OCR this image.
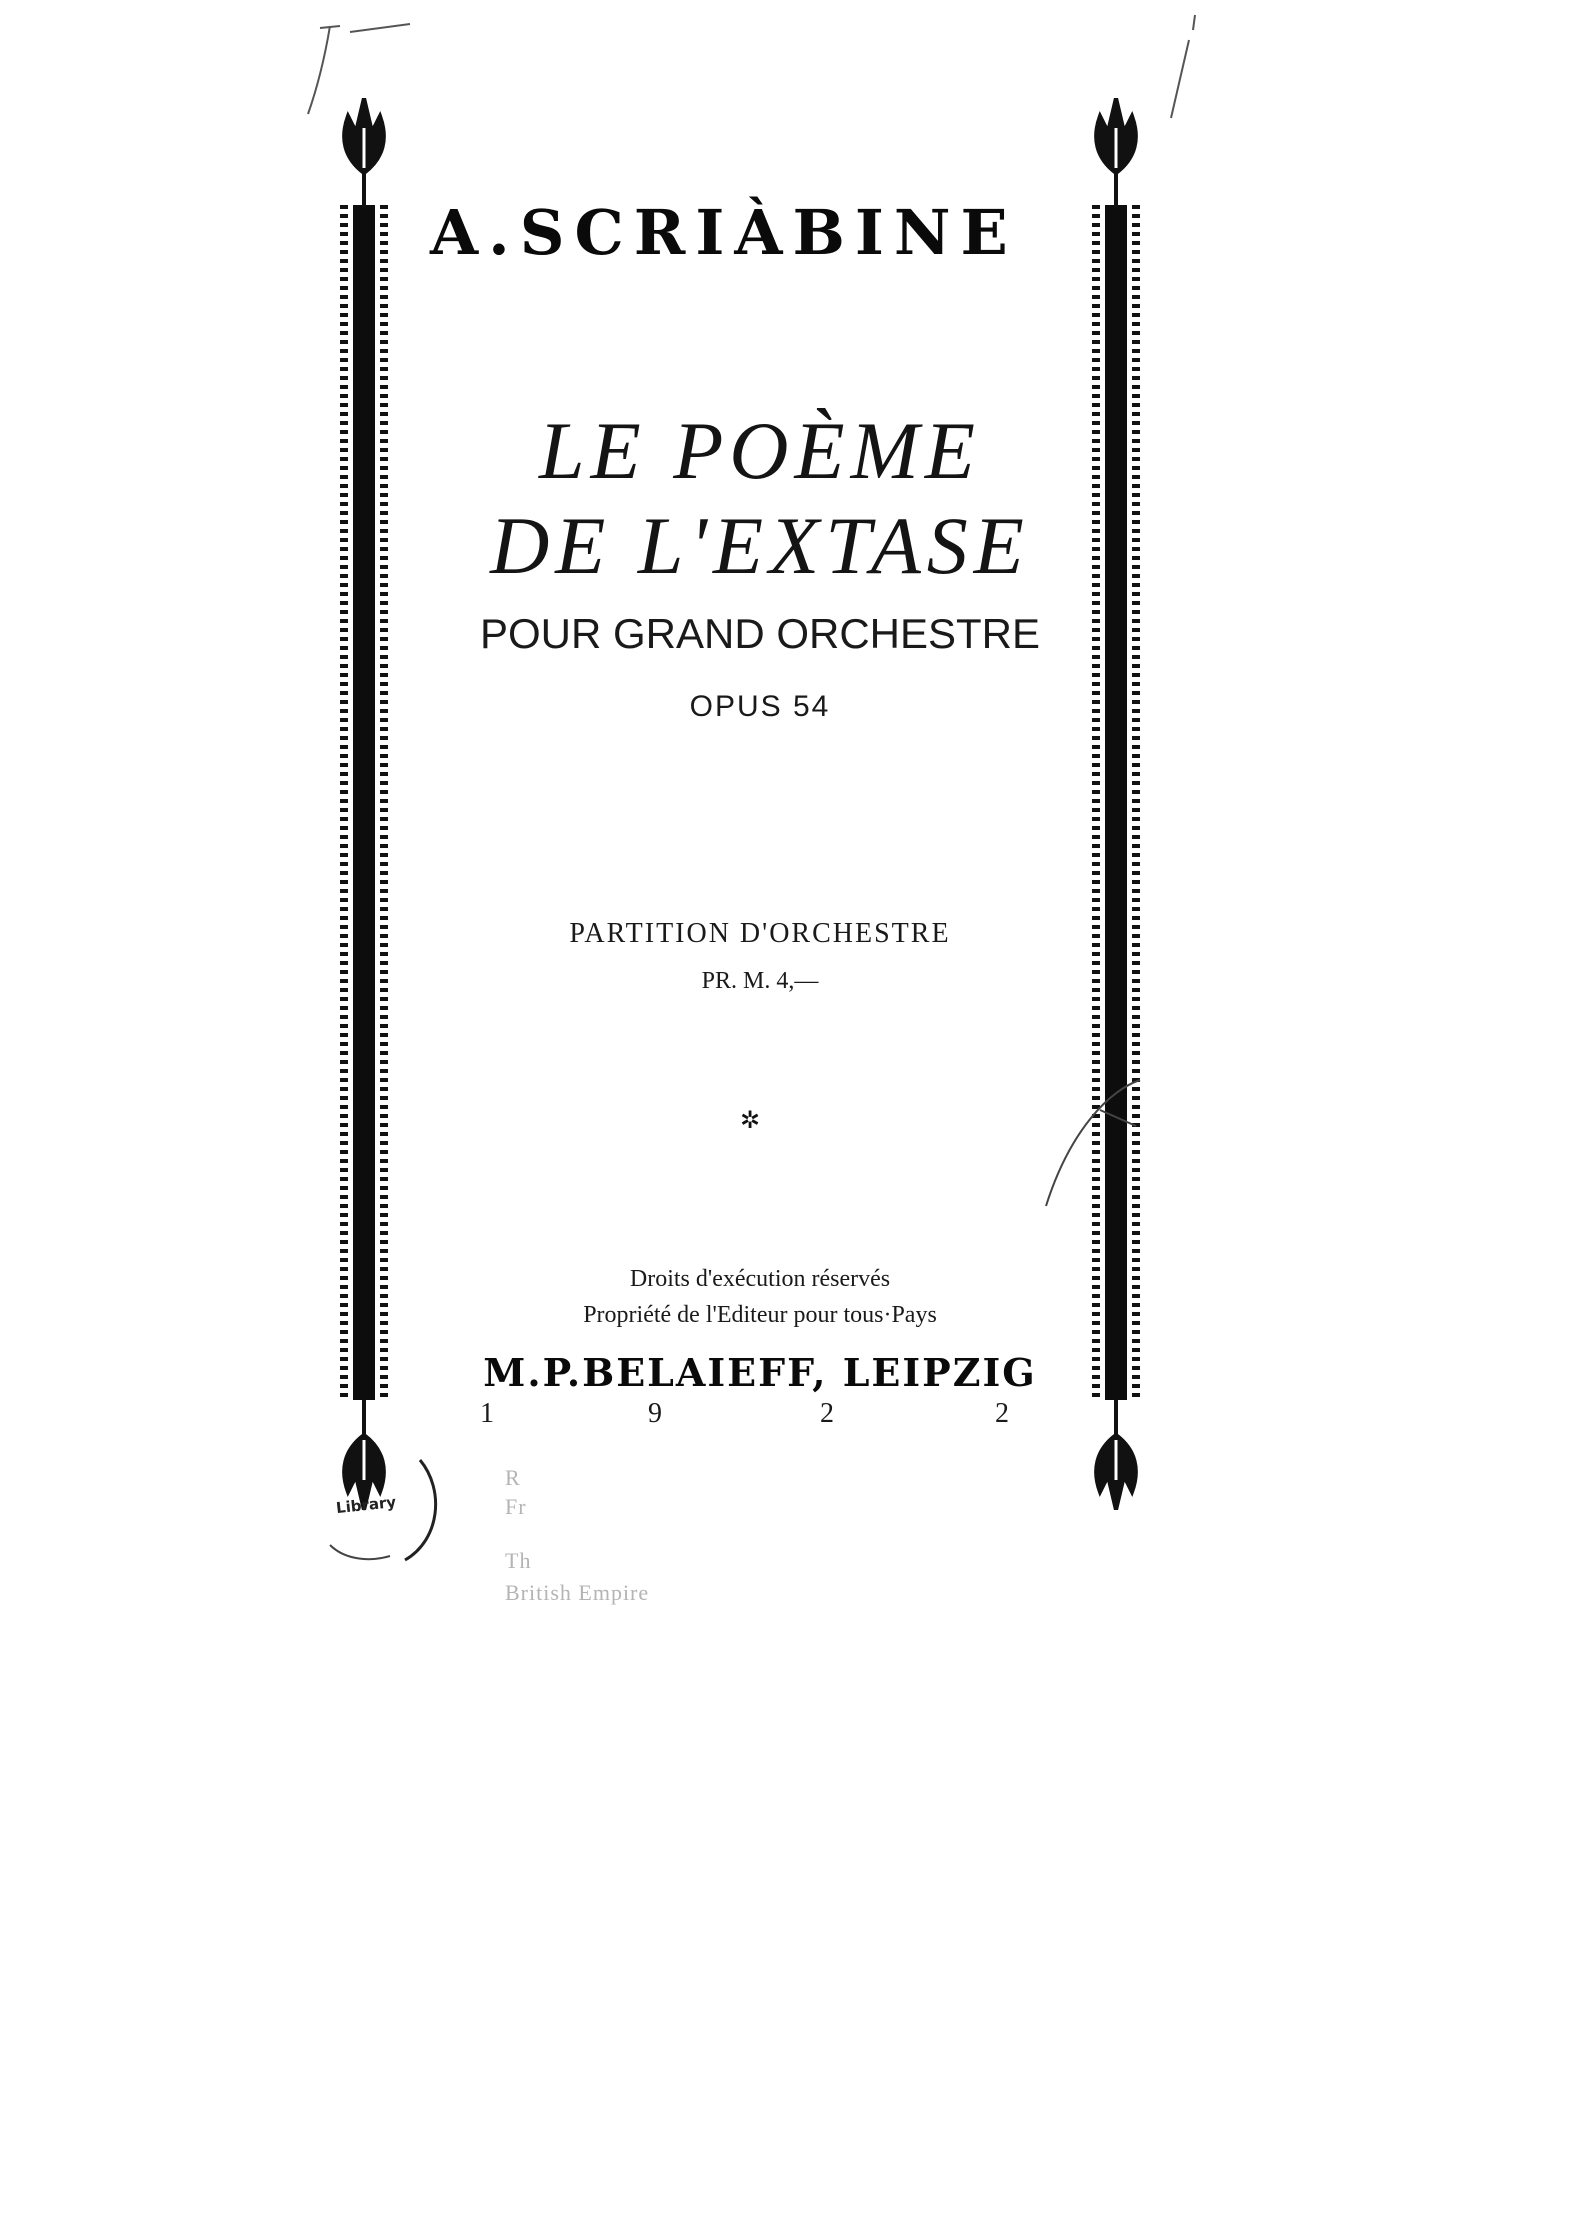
A.SCRIÀBINE
LE POÈME
DE L'EXTASE
POUR GRAND ORCHESTRE
OPUS 54
PARTITION D'ORCHESTRE
PR. M. 4,—
✲
Droits d'exécution réservés
Propriété de l'Editeur pour tous·Pays
M.P.BELAIEFF, LEIPZIG
1	9	2	2
R
Fr
Th
British Empire
Library
